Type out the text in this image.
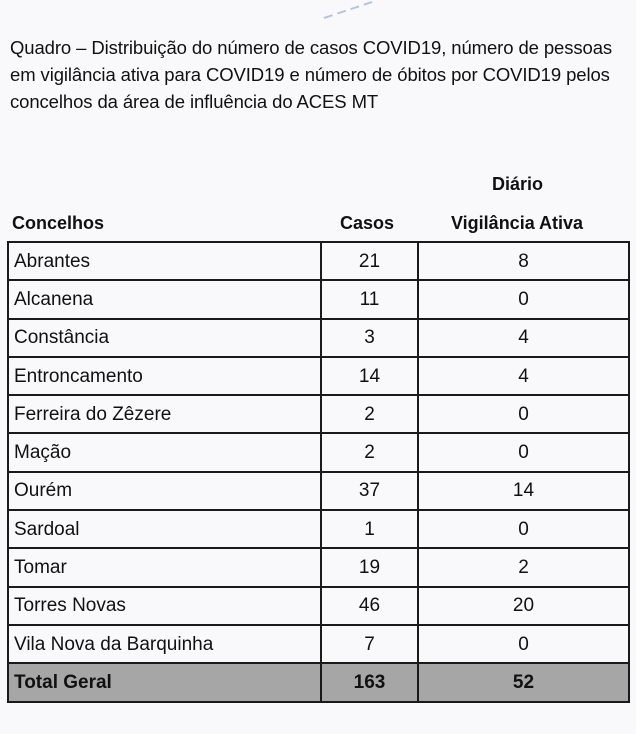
Quadro – Distribuição do número de casos COVID19, número de pessoas em vigilância ativa para COVID19 e número de óbitos por COVID19 pelos concelhos da área de influência do ACES MT
Diário
Concelhos	Casos	Vigilância Ativa
Abrantes	21	8
Alcanena	11	0
Constância	3	4
Entroncamento	14	4
Ferreira do Zêzere	2	0
Mação	2	0
Ourém	37	14
Sardoal	1	0
Tomar	19	2
Torres Novas	46	20
Vila Nova da Barquinha	7	0
Total Geral	163	52
